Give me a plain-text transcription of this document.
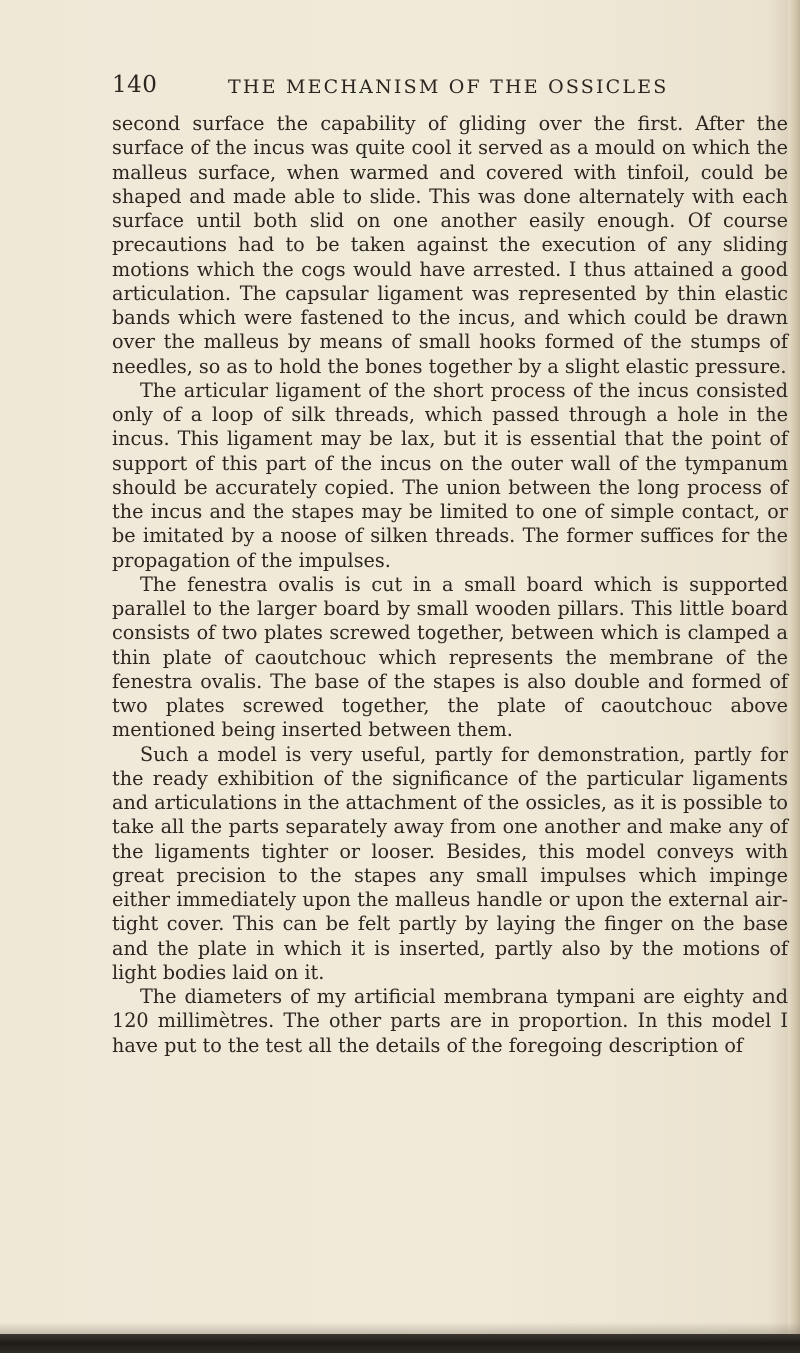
140	THE MECHANISM OF THE OSSICLES

second surface the capability of gliding over the first. After the surface of the incus was quite cool it served as a mould on which the malleus surface, when warmed and covered with tinfoil, could be shaped and made able to slide. This was done alternately with each surface until both slid on one another easily enough. Of course precautions had to be taken against the execution of any sliding motions which the cogs would have arrested. I thus attained a good articulation. The capsular ligament was represented by thin elastic bands which were fastened to the incus, and which could be drawn over the malleus by means of small hooks formed of the stumps of needles, so as to hold the bones together by a slight elastic pressure.

The articular ligament of the short process of the incus consisted only of a loop of silk threads, which passed through a hole in the incus. This ligament may be lax, but it is essential that the point of support of this part of the incus on the outer wall of the tympanum should be accurately copied. The union between the long process of the incus and the stapes may be limited to one of simple contact, or be imitated by a noose of silken threads. The former suffices for the propagation of the impulses.

The fenestra ovalis is cut in a small board which is supported parallel to the larger board by small wooden pillars. This little board consists of two plates screwed together, between which is clamped a thin plate of caoutchouc which represents the membrane of the fenestra ovalis. The base of the stapes is also double and formed of two plates screwed together, the plate of caoutchouc above mentioned being inserted between them.

Such a model is very useful, partly for demonstration, partly for the ready exhibition of the significance of the particular ligaments and articulations in the attachment of the ossicles, as it is possible to take all the parts separately away from one another and make any of the ligaments tighter or looser. Besides, this model conveys with great precision to the stapes any small impulses which impinge either immediately upon the malleus handle or upon the external air-tight cover. This can be felt partly by laying the finger on the base and the plate in which it is inserted, partly also by the motions of light bodies laid on it.

The diameters of my artificial membrana tympani are eighty and 120 millimètres. The other parts are in proportion. In this model I have put to the test all the details of the foregoing description of
